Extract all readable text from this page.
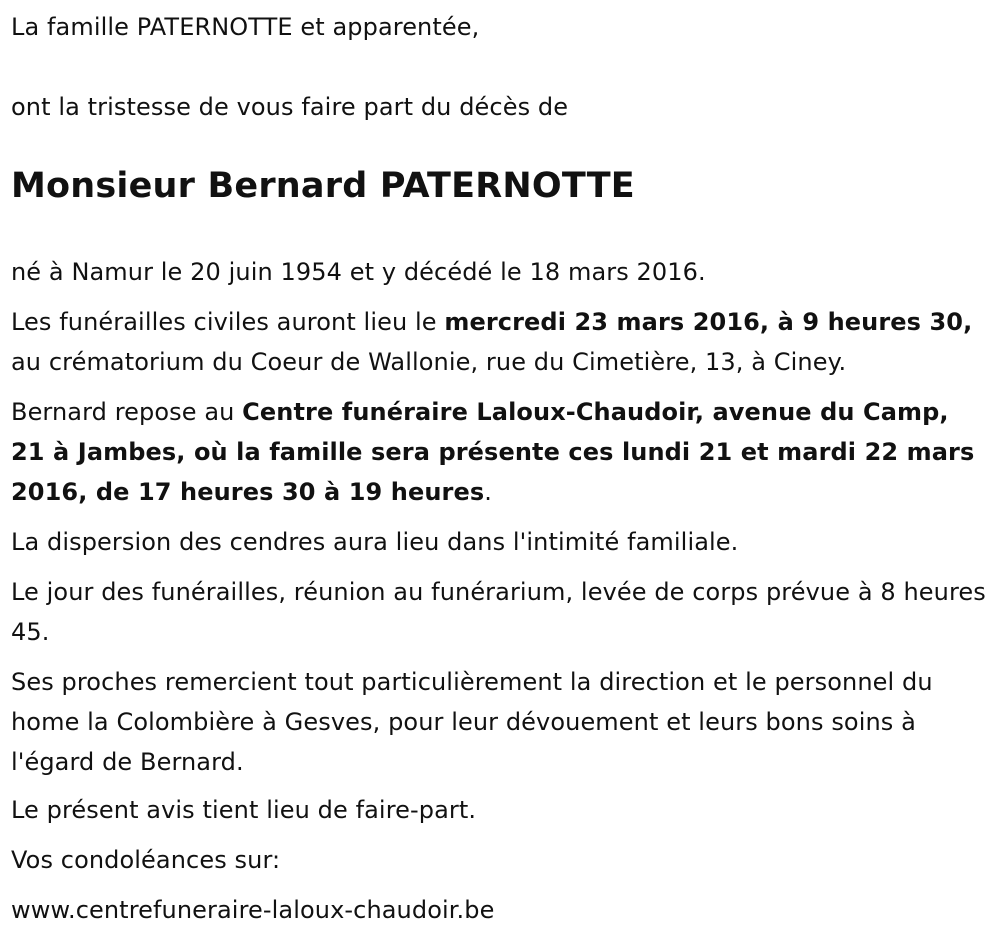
La famille PATERNOTTE et apparentée,

ont la tristesse de vous faire part du décès de

Monsieur Bernard PATERNOTTE

né à Namur le 20 juin 1954 et y décédé le 18 mars 2016.

Les funérailles civiles auront lieu le mercredi 23 mars 2016, à 9 heures 30, au crématorium du Coeur de Wallonie, rue du Cimetière, 13, à Ciney.

Bernard repose au Centre funéraire Laloux-Chaudoir, avenue du Camp, 21 à Jambes, où la famille sera présente ces lundi 21 et mardi 22 mars 2016, de 17 heures 30 à 19 heures.

La dispersion des cendres aura lieu dans l'intimité familiale.

Le jour des funérailles, réunion au funérarium, levée de corps prévue à 8 heures 45.

Ses proches remercient tout particulièrement la direction et le personnel du home la Colombière à Gesves, pour leur dévouement et leurs bons soins à l'égard de Bernard.

Le présent avis tient lieu de faire-part.

Vos condoléances sur:

www.centrefuneraire-laloux-chaudoir.be
